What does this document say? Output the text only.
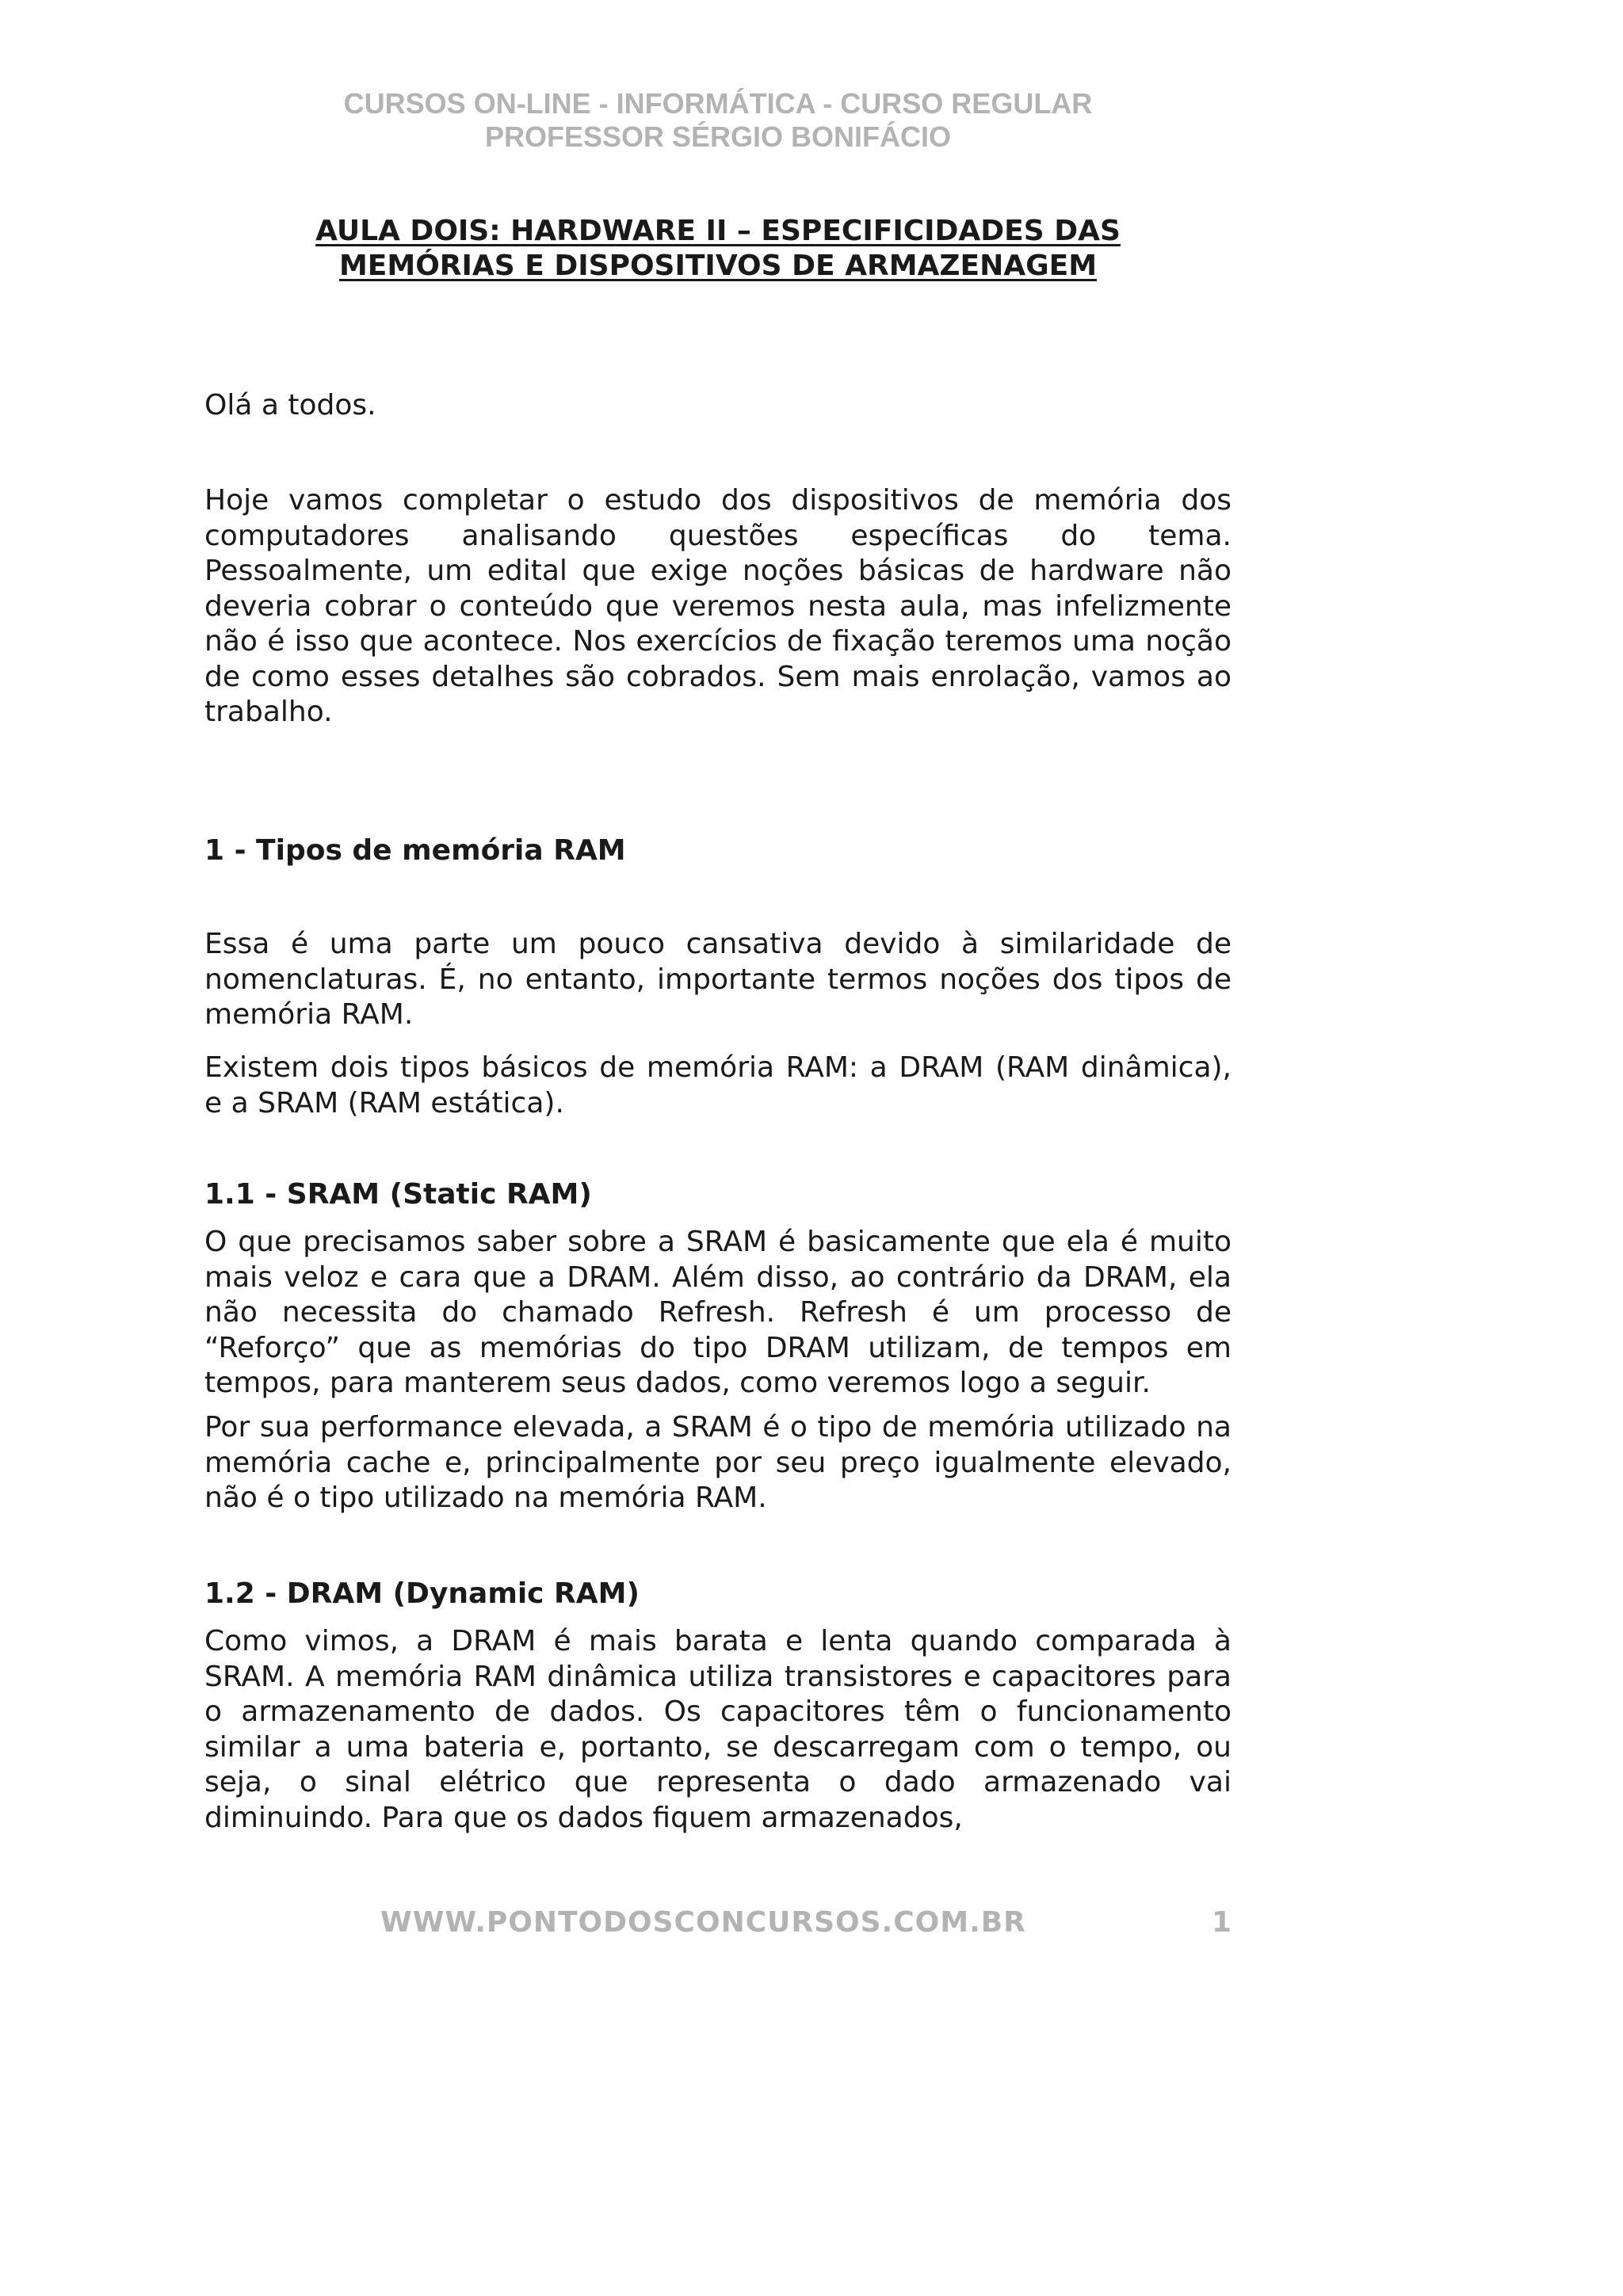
CURSOS ON-LINE - INFORMÁTICA - CURSO REGULAR
PROFESSOR SÉRGIO BONIFÁCIO
AULA DOIS: HARDWARE II – ESPECIFICIDADES DAS
MEMÓRIAS E DISPOSITIVOS DE ARMAZENAGEM

Olá a todos.

Hoje vamos completar o estudo dos dispositivos de memória dos computadores analisando questões específicas do tema. Pessoalmente, um edital que exige noções básicas de hardware não deveria cobrar o conteúdo que veremos nesta aula, mas infelizmente não é isso que acontece. Nos exercícios de fixação teremos uma noção de como esses detalhes são cobrados. Sem mais enrolação, vamos ao trabalho.

1 - Tipos de memória RAM

Essa é uma parte um pouco cansativa devido à similaridade de nomenclaturas. É, no entanto, importante termos noções dos tipos de memória RAM.

Existem dois tipos básicos de memória RAM: a DRAM (RAM dinâmica), e a SRAM (RAM estática).

1.1 - SRAM (Static RAM)

O que precisamos saber sobre a SRAM é basicamente que ela é muito mais veloz e cara que a DRAM. Além disso, ao contrário da DRAM, ela não necessita do chamado Refresh. Refresh é um processo de “Reforço” que as memórias do tipo DRAM utilizam, de tempos em tempos, para manterem seus dados, como veremos logo a seguir.

Por sua performance elevada, a SRAM é o tipo de memória utilizado na memória cache e, principalmente por seu preço igualmente elevado, não é o tipo utilizado na memória RAM.

1.2 - DRAM (Dynamic RAM)

Como vimos, a DRAM é mais barata e lenta quando comparada à SRAM. A memória RAM dinâmica utiliza transistores e capacitores para o armazenamento de dados. Os capacitores têm o funcionamento similar a uma bateria e, portanto, se descarregam com o tempo, ou seja, o sinal elétrico que representa o dado armazenado vai diminuindo. Para que os dados fiquem armazenados,

WWW.PONTODOSCONCURSOS.COM.BR	1
